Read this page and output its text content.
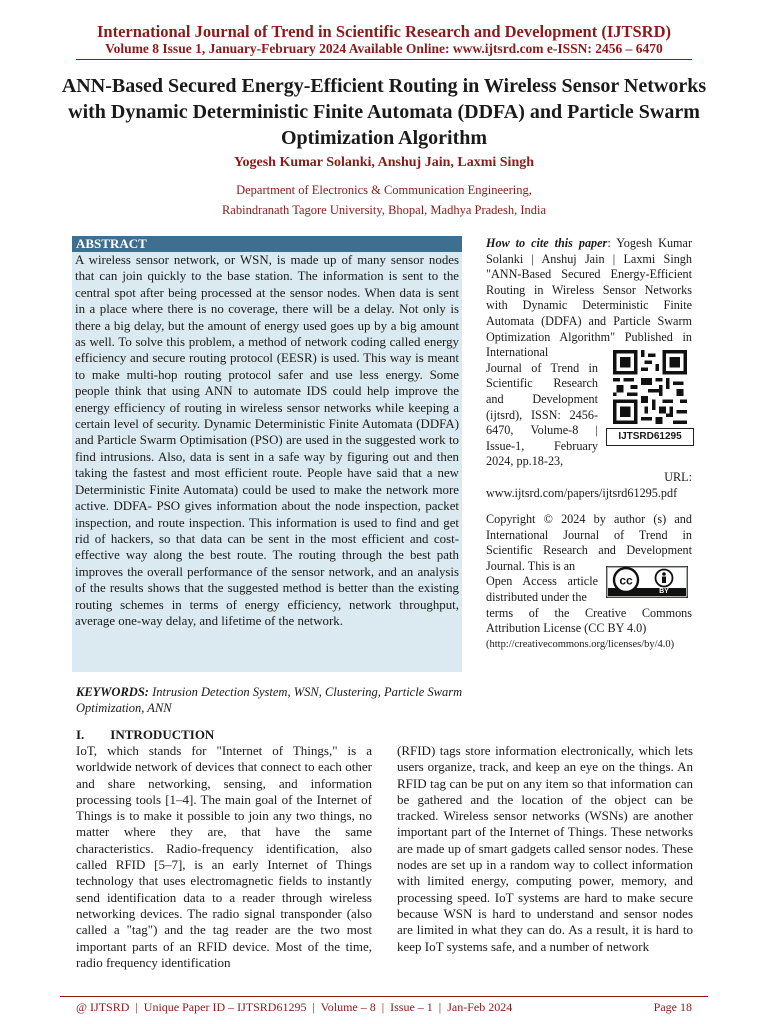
International Journal of Trend in Scientific Research and Development (IJTSRD)
Volume 8 Issue 1, January-February 2024 Available Online: www.ijtsrd.com e-ISSN: 2456 – 6470
ANN-Based Secured Energy-Efficient Routing in Wireless Sensor Networks with Dynamic Deterministic Finite Automata (DDFA) and Particle Swarm Optimization Algorithm
Yogesh Kumar Solanki, Anshuj Jain, Laxmi Singh
Department of Electronics & Communication Engineering,
Rabindranath Tagore University, Bhopal, Madhya Pradesh, India
ABSTRACT
A wireless sensor network, or WSN, is made up of many sensor nodes that can join quickly to the base station. The information is sent to the central spot after being processed at the sensor nodes. When data is sent in a place where there is no coverage, there will be a delay. Not only is there a big delay, but the amount of energy used goes up by a big amount as well. To solve this problem, a method of network coding called energy efficiency and secure routing protocol (EESR) is used. This way is meant to make multi-hop routing protocol safer and use less energy. Some people think that using ANN to automate IDS could help improve the energy efficiency of routing in wireless sensor networks while keeping a certain level of security. Dynamic Deterministic Finite Automata (DDFA) and Particle Swarm Optimisation (PSO) are used in the suggested work to find intrusions. Also, data is sent in a safe way by figuring out and then taking the fastest and most efficient route. People have said that a new Deterministic Finite Automata) could be used to make the network more active. DDFA- PSO gives information about the node inspection, packet inspection, and route inspection. This information is used to find and get rid of hackers, so that data can be sent in the most efficient and cost-effective way along the best route. The routing through the best path improves the overall performance of the sensor network, and an analysis of the results shows that the suggested method is better than the existing routing schemes in terms of energy efficiency, network throughput, average one-way delay, and lifetime of the network.
How to cite this paper: Yogesh Kumar Solanki | Anshuj Jain | Laxmi Singh "ANN-Based Secured Energy-Efficient Routing in Wireless Sensor Networks with Dynamic Deterministic Finite Automata (DDFA) and Particle Swarm Optimization Algorithm" Published in International
Journal of Trend in Scientific Research and Development (ijtsrd), ISSN: 2456-6470, Volume-8 | Issue-1, February 2024, pp.18-23,
URL:
www.ijtsrd.com/papers/ijtsrd61295.pdf
IJTSRD61295
Copyright © 2024 by author (s) and International Journal of Trend in Scientific Research and Development Journal. This is an
Open Access article distributed under the
terms of the Creative Commons Attribution License (CC BY 4.0)
(http://creativecommons.org/licenses/by/4.0)
cc
BY
KEYWORDS: Intrusion Detection System, WSN, Clustering, Particle Swarm Optimization, ANN
I.        INTRODUCTION
IoT, which stands for "Internet of Things," is a worldwide network of devices that connect to each other and share networking, sensing, and information processing tools [1–4]. The main goal of the Internet of Things is to make it possible to join any two things, no matter where they are, that have the same characteristics. Radio-frequency identification, also called RFID [5–7], is an early Internet of Things technology that uses electromagnetic fields to instantly send identification data to a reader through wireless networking devices. The radio signal transponder (also called a "tag") and the tag reader are the two most important parts of an RFID device. Most of the time, radio frequency identification
(RFID) tags store information electronically, which lets users organize, track, and keep an eye on the things. An RFID tag can be put on any item so that information can be gathered and the location of the object can be tracked. Wireless sensor networks (WSNs) are another important part of the Internet of Things. These networks are made up of smart gadgets called sensor nodes. These nodes are set up in a random way to collect information with limited energy, computing power, memory, and processing speed. IoT systems are hard to make secure because WSN is hard to understand and sensor nodes are limited in what they can do. As a result, it is hard to keep IoT systems safe, and a number of network
@ IJTSRD  |  Unique Paper ID – IJTSRD61295  |  Volume – 8  |  Issue – 1  |  Jan-Feb 2024	Page 18
